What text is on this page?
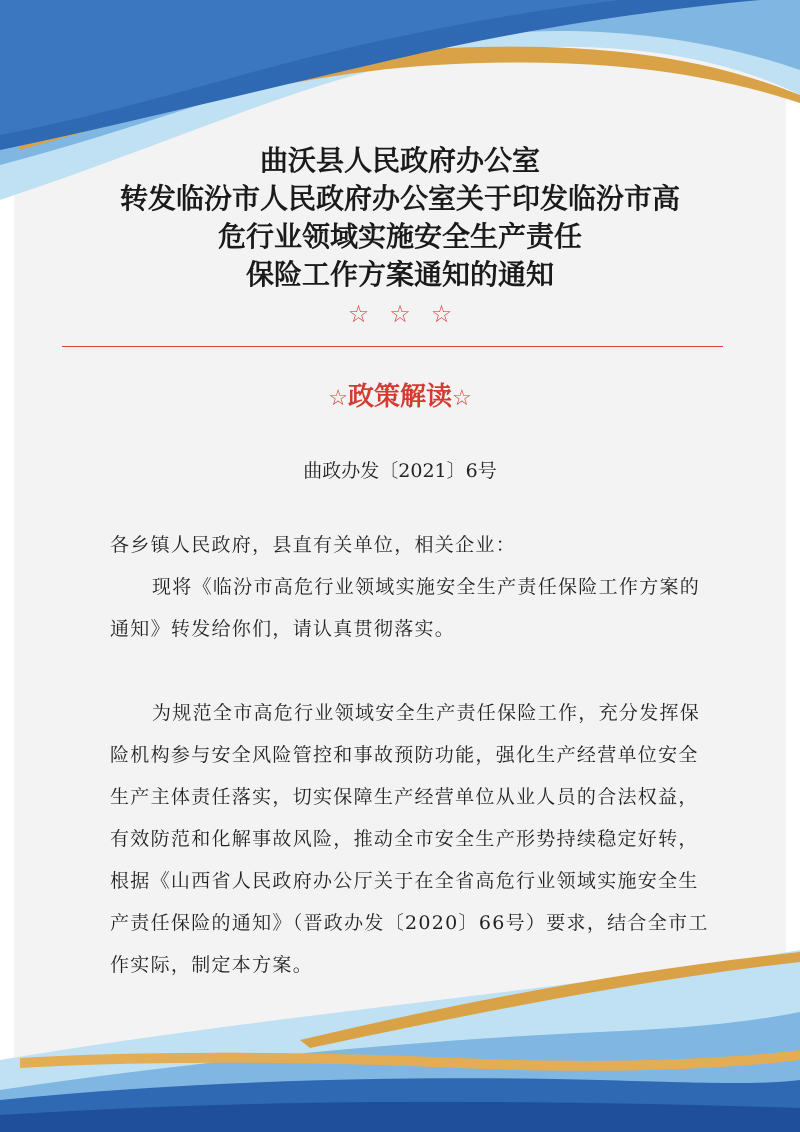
曲沃县人民政府办公室
转发临汾市人民政府办公室关于印发临汾市高
危行业领域实施安全生产责任
保险工作方案通知的通知
☆☆☆
☆政策解读☆
曲政办发〔2021〕6号

各乡镇人民政府，县直有关单位，相关企业：

现将《临汾市高危行业领域实施安全生产责任保险工作方案的通知》转发给你们，请认真贯彻落实。

为规范全市高危行业领域安全生产责任保险工作，充分发挥保险机构参与安全风险管控和事故预防功能，强化生产经营单位安全生产主体责任落实，切实保障生产经营单位从业人员的合法权益，有效防范和化解事故风险，推动全市安全生产形势持续稳定好转，根据《山西省人民政府办公厅关于在全省高危行业领域实施安全生产责任保险的通知》（晋政办发〔2020〕66号）要求，结合全市工作实际，制定本方案。
